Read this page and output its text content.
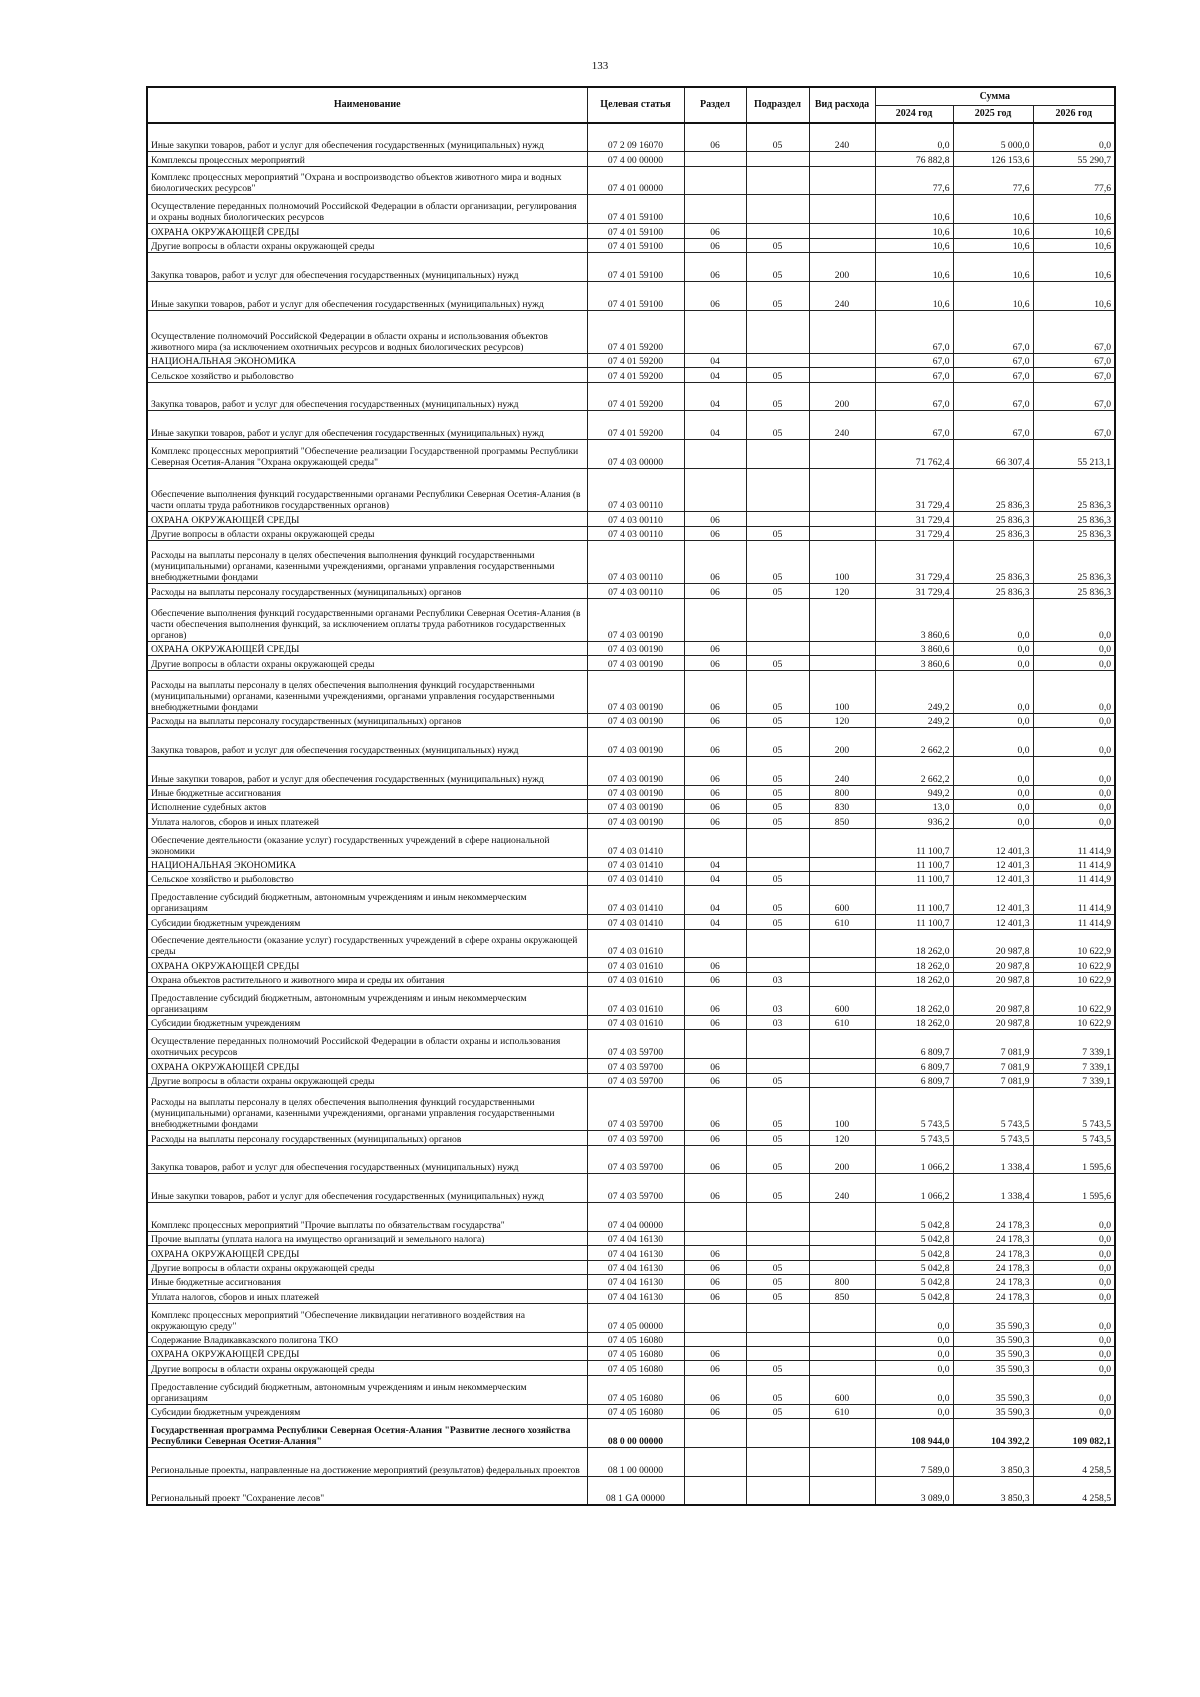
133
Наименование	Целевая статья	Раздел	Подраздел	Вид расхода	Сумма		
					2024 год	2025 год	2026 год
Иные закупки товаров, работ и услуг для обеспечения государственных (муниципальных) нужд	07 2 09 16070	06	05	240	0,0	5 000,0	0,0
Комплексы процессных мероприятий	07 4 00 00000				76 882,8	126 153,6	55 290,7
Комплекс процессных мероприятий "Охрана и воспроизводство объектов животного мира и водных биологических ресурсов"	07 4 01 00000				77,6	77,6	77,6
Осуществление переданных полномочий Российской Федерации в области организации, регулирования и охраны водных биологических ресурсов	07 4 01 59100				10,6	10,6	10,6
ОХРАНА ОКРУЖАЮЩЕЙ СРЕДЫ	07 4 01 59100	06			10,6	10,6	10,6
Другие вопросы в области охраны окружающей среды	07 4 01 59100	06	05		10,6	10,6	10,6
Закупка товаров, работ и услуг для обеспечения государственных (муниципальных) нужд	07 4 01 59100	06	05	200	10,6	10,6	10,6
Иные закупки товаров, работ и услуг для обеспечения государственных (муниципальных) нужд	07 4 01 59100	06	05	240	10,6	10,6	10,6
Осуществление полномочий Российской Федерации в области охраны и использования объектов животного мира (за исключением охотничьих ресурсов и водных биологических ресурсов)	07 4 01 59200				67,0	67,0	67,0
НАЦИОНАЛЬНАЯ ЭКОНОМИКА	07 4 01 59200	04			67,0	67,0	67,0
Сельское хозяйство и рыболовство	07 4 01 59200	04	05		67,0	67,0	67,0
Закупка товаров, работ и услуг для обеспечения государственных (муниципальных) нужд	07 4 01 59200	04	05	200	67,0	67,0	67,0
Иные закупки товаров, работ и услуг для обеспечения государственных (муниципальных) нужд	07 4 01 59200	04	05	240	67,0	67,0	67,0
Комплекс процессных мероприятий "Обеспечение реализации Государственной программы Республики Северная Осетия-Алания "Охрана окружающей среды"	07 4 03 00000				71 762,4	66 307,4	55 213,1
Обеспечение выполнения функций государственными органами Республики Северная Осетия-Алания (в части оплаты труда работников государственных органов)	07 4 03 00110				31 729,4	25 836,3	25 836,3
ОХРАНА ОКРУЖАЮЩЕЙ СРЕДЫ	07 4 03 00110	06			31 729,4	25 836,3	25 836,3
Другие вопросы в области охраны окружающей среды	07 4 03 00110	06	05		31 729,4	25 836,3	25 836,3
Расходы на выплаты персоналу в целях обеспечения выполнения функций государственными (муниципальными) органами, казенными учреждениями, органами управления государственными внебюджетными фондами	07 4 03 00110	06	05	100	31 729,4	25 836,3	25 836,3
Расходы на выплаты персоналу государственных (муниципальных) органов	07 4 03 00110	06	05	120	31 729,4	25 836,3	25 836,3
Обеспечение выполнения функций государственными органами Республики Северная Осетия-Алания (в части обеспечения выполнения функций, за исключением оплаты труда работников государственных органов)	07 4 03 00190				3 860,6	0,0	0,0
ОХРАНА ОКРУЖАЮЩЕЙ СРЕДЫ	07 4 03 00190	06			3 860,6	0,0	0,0
Другие вопросы в области охраны окружающей среды	07 4 03 00190	06	05		3 860,6	0,0	0,0
Расходы на выплаты персоналу в целях обеспечения выполнения функций государственными (муниципальными) органами, казенными учреждениями, органами управления государственными внебюджетными фондами	07 4 03 00190	06	05	100	249,2	0,0	0,0
Расходы на выплаты персоналу государственных (муниципальных) органов	07 4 03 00190	06	05	120	249,2	0,0	0,0
Закупка товаров, работ и услуг для обеспечения государственных (муниципальных) нужд	07 4 03 00190	06	05	200	2 662,2	0,0	0,0
Иные закупки товаров, работ и услуг для обеспечения государственных (муниципальных) нужд	07 4 03 00190	06	05	240	2 662,2	0,0	0,0
Иные бюджетные ассигнования	07 4 03 00190	06	05	800	949,2	0,0	0,0
Исполнение судебных актов	07 4 03 00190	06	05	830	13,0	0,0	0,0
Уплата налогов, сборов и иных платежей	07 4 03 00190	06	05	850	936,2	0,0	0,0
Обеспечение деятельности (оказание услуг) государственных учреждений в сфере национальной экономики	07 4 03 01410				11 100,7	12 401,3	11 414,9
НАЦИОНАЛЬНАЯ ЭКОНОМИКА	07 4 03 01410	04			11 100,7	12 401,3	11 414,9
Сельское хозяйство и рыболовство	07 4 03 01410	04	05		11 100,7	12 401,3	11 414,9
Предоставление субсидий бюджетным, автономным учреждениям и иным некоммерческим организациям	07 4 03 01410	04	05	600	11 100,7	12 401,3	11 414,9
Субсидии бюджетным учреждениям	07 4 03 01410	04	05	610	11 100,7	12 401,3	11 414,9
Обеспечение деятельности (оказание услуг) государственных учреждений в сфере охраны окружающей среды	07 4 03 01610				18 262,0	20 987,8	10 622,9
ОХРАНА ОКРУЖАЮЩЕЙ СРЕДЫ	07 4 03 01610	06			18 262,0	20 987,8	10 622,9
Охрана объектов растительного и животного мира и среды их обитания	07 4 03 01610	06	03		18 262,0	20 987,8	10 622,9
Предоставление субсидий бюджетным, автономным учреждениям и иным некоммерческим организациям	07 4 03 01610	06	03	600	18 262,0	20 987,8	10 622,9
Субсидии бюджетным учреждениям	07 4 03 01610	06	03	610	18 262,0	20 987,8	10 622,9
Осуществление переданных полномочий Российской Федерации в области охраны и использования охотничьих ресурсов	07 4 03 59700				6 809,7	7 081,9	7 339,1
ОХРАНА ОКРУЖАЮЩЕЙ СРЕДЫ	07 4 03 59700	06			6 809,7	7 081,9	7 339,1
Другие вопросы в области охраны окружающей среды	07 4 03 59700	06	05		6 809,7	7 081,9	7 339,1
Расходы на выплаты персоналу в целях обеспечения выполнения функций государственными (муниципальными) органами, казенными учреждениями, органами управления государственными внебюджетными фондами	07 4 03 59700	06	05	100	5 743,5	5 743,5	5 743,5
Расходы на выплаты персоналу государственных (муниципальных) органов	07 4 03 59700	06	05	120	5 743,5	5 743,5	5 743,5
Закупка товаров, работ и услуг для обеспечения государственных (муниципальных) нужд	07 4 03 59700	06	05	200	1 066,2	1 338,4	1 595,6
Иные закупки товаров, работ и услуг для обеспечения государственных (муниципальных) нужд	07 4 03 59700	06	05	240	1 066,2	1 338,4	1 595,6
Комплекс процессных мероприятий "Прочие выплаты по обязательствам государства"	07 4 04 00000				5 042,8	24 178,3	0,0
Прочие выплаты (уплата налога на имущество организаций и земельного налога)	07 4 04 16130				5 042,8	24 178,3	0,0
ОХРАНА ОКРУЖАЮЩЕЙ СРЕДЫ	07 4 04 16130	06			5 042,8	24 178,3	0,0
Другие вопросы в области охраны окружающей среды	07 4 04 16130	06	05		5 042,8	24 178,3	0,0
Иные бюджетные ассигнования	07 4 04 16130	06	05	800	5 042,8	24 178,3	0,0
Уплата налогов, сборов и иных платежей	07 4 04 16130	06	05	850	5 042,8	24 178,3	0,0
Комплекс процессных мероприятий "Обеспечение ликвидации негативного воздействия на окружающую среду"	07 4 05 00000				0,0	35 590,3	0,0
Содержание Владикавказского полигона ТКО	07 4 05 16080				0,0	35 590,3	0,0
ОХРАНА ОКРУЖАЮЩЕЙ СРЕДЫ	07 4 05 16080	06			0,0	35 590,3	0,0
Другие вопросы в области охраны окружающей среды	07 4 05 16080	06	05		0,0	35 590,3	0,0
Предоставление субсидий бюджетным, автономным учреждениям и иным некоммерческим организациям	07 4 05 16080	06	05	600	0,0	35 590,3	0,0
Субсидии бюджетным учреждениям	07 4 05 16080	06	05	610	0,0	35 590,3	0,0
Государственная программа Республики Северная Осетия-Алания "Развитие лесного хозяйства Республики Северная Осетия-Алания"	08 0 00 00000				108 944,0	104 392,2	109 082,1
Региональные проекты, направленные на достижение мероприятий (результатов) федеральных проектов	08 1 00 00000				7 589,0	3 850,3	4 258,5
Региональный проект "Сохранение лесов"	08 1 GA 00000				3 089,0	3 850,3	4 258,5
